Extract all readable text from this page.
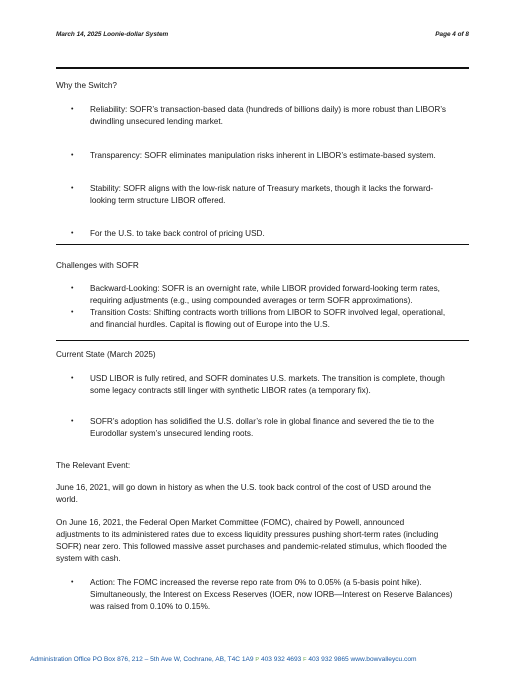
March 14, 2025 Loonie-dollar System	Page 4 of 8
Why the Switch?
• Reliability: SOFR’s transaction-based data (hundreds of billions daily) is more robust than LIBOR’s
dwindling unsecured lending market.
• Transparency: SOFR eliminates manipulation risks inherent in LIBOR’s estimate-based system.
• Stability: SOFR aligns with the low-risk nature of Treasury markets, though it lacks the forward-
looking term structure LIBOR offered.
• For the U.S. to take back control of pricing USD.
Challenges with SOFR
• Backward-Looking: SOFR is an overnight rate, while LIBOR provided forward-looking term rates,
requiring adjustments (e.g., using compounded averages or term SOFR approximations).
• Transition Costs: Shifting contracts worth trillions from LIBOR to SOFR involved legal, operational,
and financial hurdles. Capital is flowing out of Europe into the U.S.
Current State (March 2025)
• USD LIBOR is fully retired, and SOFR dominates U.S. markets. The transition is complete, though
some legacy contracts still linger with synthetic LIBOR rates (a temporary fix).
• SOFR’s adoption has solidified the U.S. dollar’s role in global finance and severed the tie to the
Eurodollar system’s unsecured lending roots.
The Relevant Event:
June 16, 2021, will go down in history as when the U.S. took back control of the cost of USD around the
world.
On June 16, 2021, the Federal Open Market Committee (FOMC), chaired by Powell, announced
adjustments to its administered rates due to excess liquidity pressures pushing short-term rates (including
SOFR) near zero. This followed massive asset purchases and pandemic-related stimulus, which flooded the
system with cash.
• Action: The FOMC increased the reverse repo rate from 0% to 0.05% (a 5-basis point hike).
Simultaneously, the Interest on Excess Reserves (IOER, now IORB—Interest on Reserve Balances)
was raised from 0.10% to 0.15%.
Administration Office PO Box 876, 212 – 5th Ave W, Cochrane, AB, T4C 1A9 P 403 932 4693 F 403 932 9865 www.bowvalleycu.com
